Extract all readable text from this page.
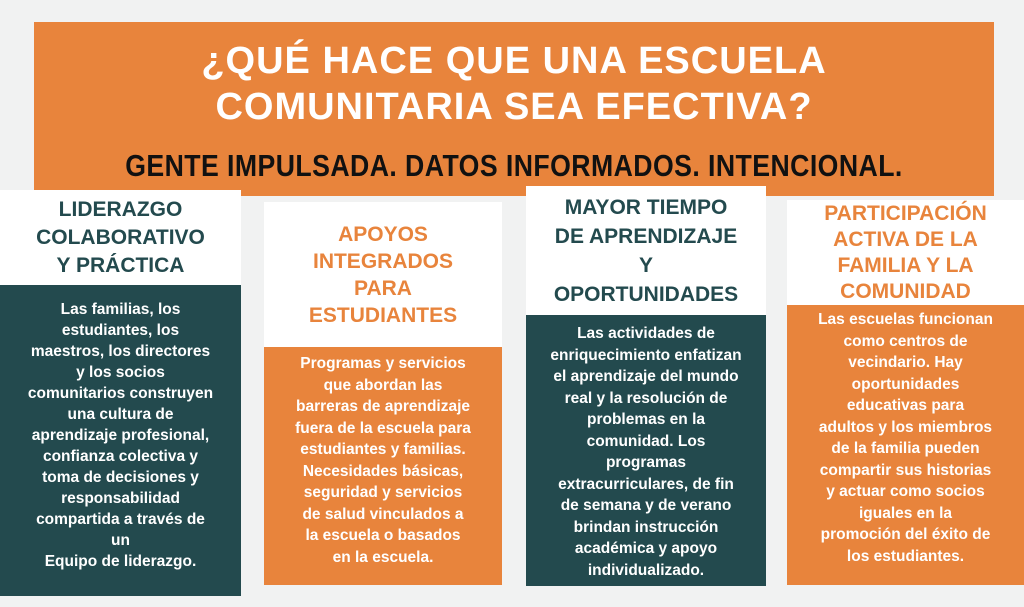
¿QUÉ HACE QUE UNA ESCUELA
COMUNITARIA SEA EFECTIVA?
GENTE IMPULSADA. DATOS INFORMADOS. INTENCIONAL.
LIDERAZGO
COLABORATIVO
Y PRÁCTICA
Las familias, los
estudiantes, los
maestros, los directores
y los socios
comunitarios construyen
una cultura de
aprendizaje profesional,
confianza colectiva y
toma de decisiones y
responsabilidad
compartida a través de
un
Equipo de liderazgo.
APOYOS
INTEGRADOS
PARA
ESTUDIANTES
Programas y servicios
que abordan las
barreras de aprendizaje
fuera de la escuela para
estudiantes y familias.
Necesidades básicas,
seguridad y servicios
de salud vinculados a
la escuela o basados
en la escuela.
MAYOR TIEMPO
DE APRENDIZAJE
Y
OPORTUNIDADES
Las actividades de
enriquecimiento enfatizan
el aprendizaje del mundo
real y la resolución de
problemas en la
comunidad. Los
programas
extracurriculares, de fin
de semana y de verano
brindan instrucción
académica y apoyo
individualizado.
PARTICIPACIÓN
ACTIVA DE LA
FAMILIA Y LA
COMUNIDAD
Las escuelas funcionan
como centros de
vecindario. Hay
oportunidades
educativas para
adultos y los miembros
de la familia pueden
compartir sus historias
y actuar como socios
iguales en la
promoción del éxito de
los estudiantes.
